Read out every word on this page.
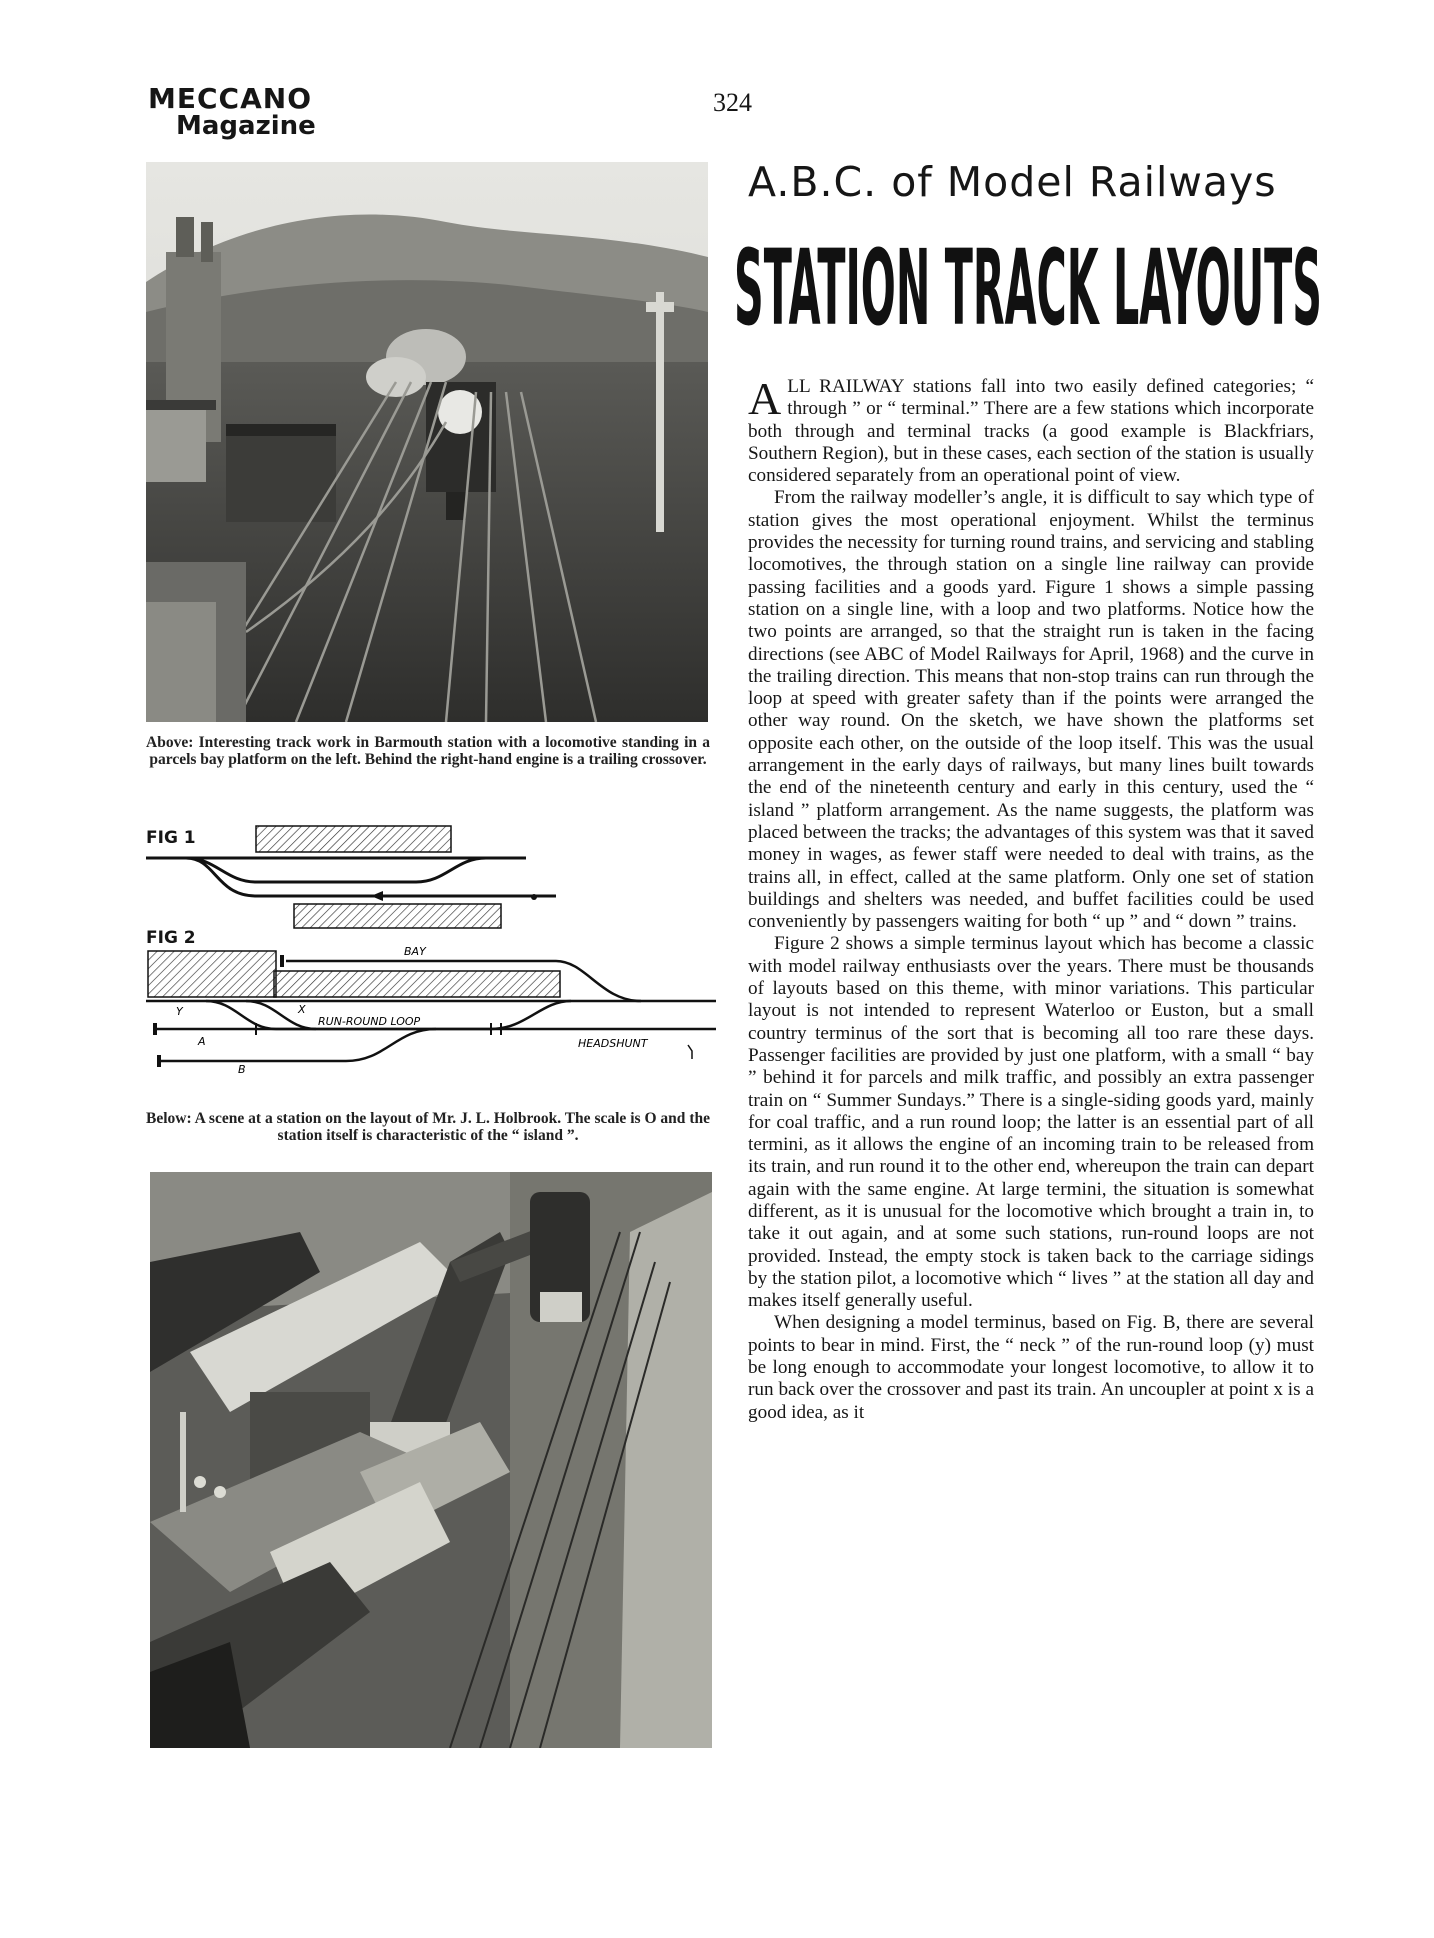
MECCANO
Magazine
324
A.B.C. of Model Railways
STATION TRACK LAYOUTS
Above: Interesting track work in Barmouth station with a locomotive standing in a parcels bay platform on the left. Behind the right-hand engine is a trailing crossover.
FIG 1
FIG 2
BAY
Y	X
RUN-ROUND LOOP
A	HEADSHUNT
B
Below: A scene at a station on the layout of Mr. J. L. Holbrook. The scale is O and the station itself is characteristic of the “ island ”.

ALL RAILWAY stations fall into two easily defined categories; “ through ” or “ terminal.” There are a few stations which incorporate both through and terminal tracks (a good example is Blackfriars, Southern Region), but in these cases, each section of the station is usually considered separately from an operational point of view.

From the railway modeller’s angle, it is difficult to say which type of station gives the most operational enjoyment. Whilst the terminus provides the necessity for turning round trains, and servicing and stabling locomotives, the through station on a single line railway can provide passing facilities and a goods yard. Figure 1 shows a simple passing station on a single line, with a loop and two platforms. Notice how the two points are arranged, so that the straight run is taken in the facing directions (see ABC of Model Railways for April, 1968) and the curve in the trailing direction. This means that non-stop trains can run through the loop at speed with greater safety than if the points were arranged the other way round. On the sketch, we have shown the platforms set opposite each other, on the outside of the loop itself. This was the usual arrangement in the early days of railways, but many lines built towards the end of the nineteenth century and early in this century, used the “ island ” platform arrangement. As the name suggests, the platform was placed between the tracks; the advantages of this system was that it saved money in wages, as fewer staff were needed to deal with trains, as the trains all, in effect, called at the same platform. Only one set of station buildings and shelters was needed, and buffet facilities could be used conveniently by passengers waiting for both “ up ” and “ down ” trains.

Figure 2 shows a simple terminus layout which has become a classic with model railway enthusiasts over the years. There must be thousands of layouts based on this theme, with minor variations. This particular layout is not intended to represent Waterloo or Euston, but a small country terminus of the sort that is becoming all too rare these days. Passenger facilities are provided by just one platform, with a small “ bay ” behind it for parcels and milk traffic, and possibly an extra passenger train on “ Summer Sundays.” There is a single-siding goods yard, mainly for coal traffic, and a run round loop; the latter is an essential part of all termini, as it allows the engine of an incoming train to be released from its train, and run round it to the other end, whereupon the train can depart again with the same engine. At large termini, the situation is somewhat different, as it is unusual for the locomotive which brought a train in, to take it out again, and at some such stations, run-round loops are not provided. Instead, the empty stock is taken back to the carriage sidings by the station pilot, a locomotive which “ lives ” at the station all day and makes itself generally useful.

When designing a model terminus, based on Fig. B, there are several points to bear in mind. First, the “ neck ” of the run-round loop (y) must be long enough to accommodate your longest locomotive, to allow it to run back over the crossover and past its train. An uncoupler at point x is a good idea, as it
